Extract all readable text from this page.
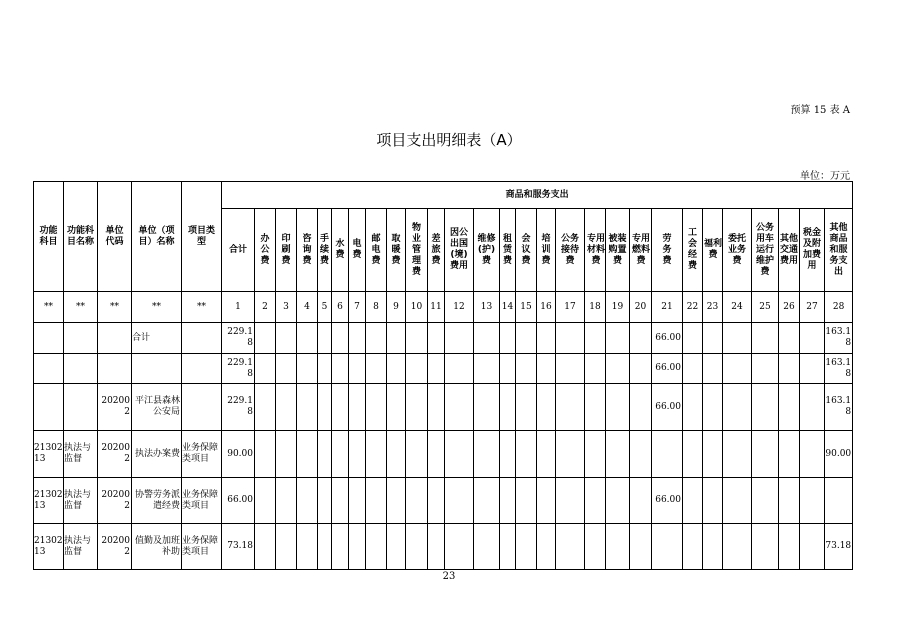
预算 15 表 A
项目支出明细表（A）
单位：万元
功能科目	功能科目名称	单位代码	单位（项目）名称	项目类型	商品和服务支出																											
					合计	办公费	印刷费	咨询费	手续费	水费	电费	邮电费	取暖费	物业管理费	差旅费	因公出国(境)费用	维修(护)费	租赁费	会议费	培训费	公务接待费	专用材料费	被装购置费	专用燃料费	劳务费	工会经费	福利费	委托业务费	公务用车运行维护费	其他交通费用	税金及附加费用	其他商品和服务支出
**	**	**	**	**	1	2	3	4	5	6	7	8	9	10	11	12	13	14	15	16	17	18	19	20	21	22	23	24	25	26	27	28
			合计		229.18																				66.00							163.18
					229.18																				66.00							163.18
		202002	平江县森林公安局		229.18																				66.00							163.18
2130213	执法与监督	202002	执法办案费	业务保障类项目	90.00																											90.00
2130213	执法与监督	202002	协警劳务派遣经费	业务保障类项目	66.00																				66.00							
2130213	执法与监督	202002	值勤及加班补助	业务保障类项目	73.18																											73.18
23
